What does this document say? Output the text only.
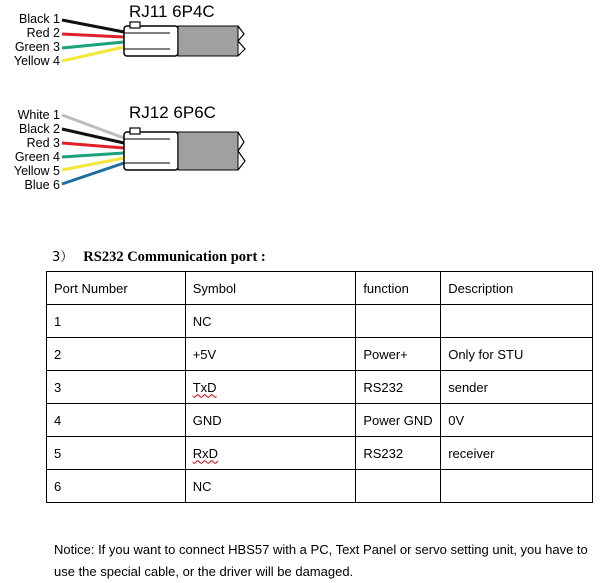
RJ11 6P4C
Black 1
Red 2
Green 3
Yellow 4
RJ12 6P6C
White 1
Black 2
Red 3
Green 4
Yellow 5
Blue 6
3） RS232 Communication port :
Port Number	Symbol	function	Description
1	NC		
2	+5V	Power+	Only for STU
3	TxD	RS232	sender
4	GND	Power GND	0V
5	RxD	RS232	receiver
6	NC		
Notice: If you want to connect HBS57 with a PC, Text Panel or servo setting unit, you have to use the special cable, or the driver will be damaged.
